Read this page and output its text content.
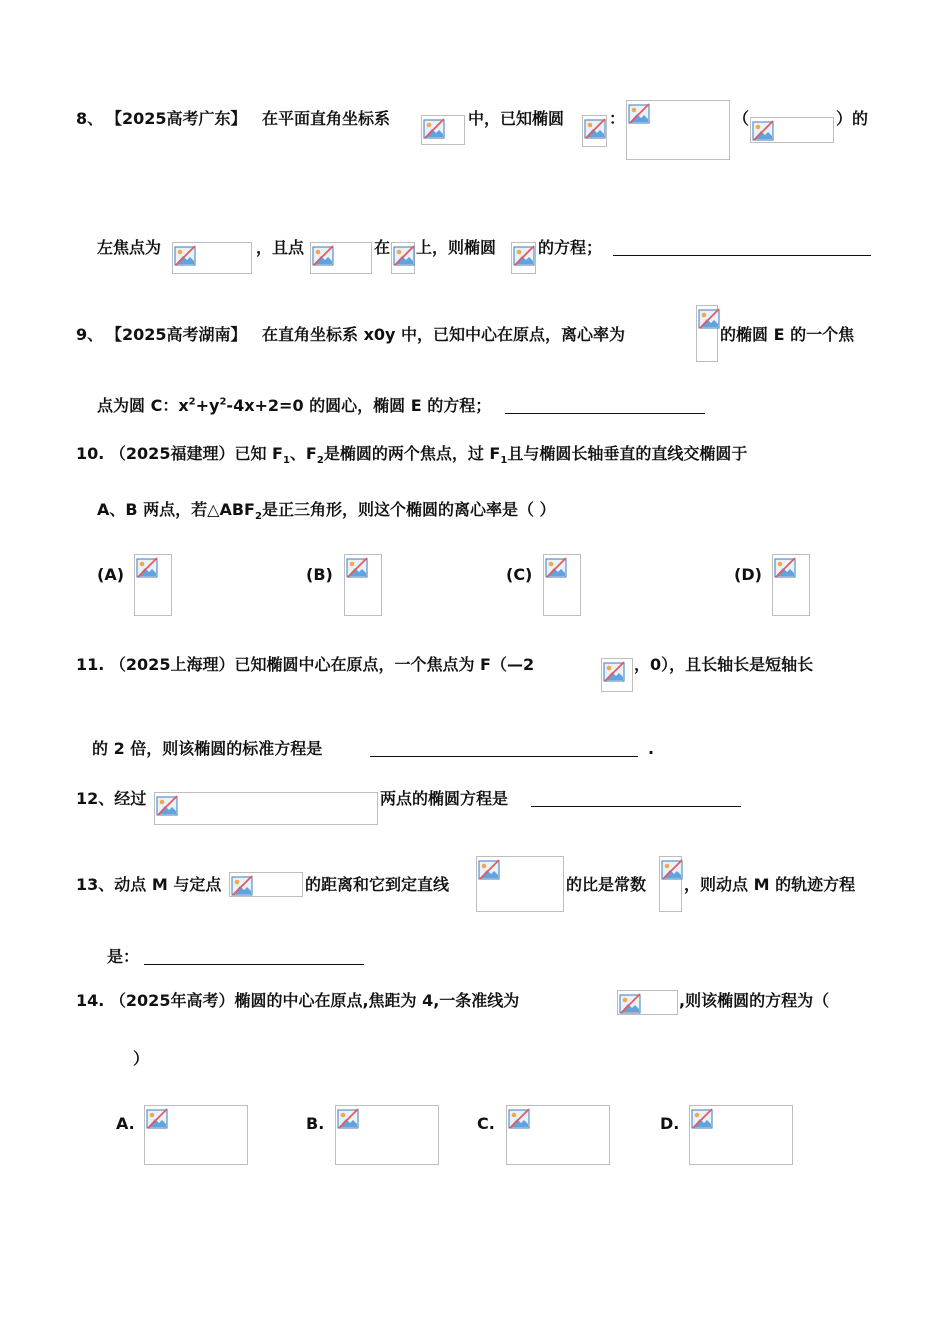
8、 【2025高考广东】 在平面直角坐标系	中，已知椭圆	：	（	）的
左焦点为	，且点	在 上，则椭圆	的方程；
9、 【2025高考湖南】 在直角坐标系 x0y 中，已知中心在原点，离心率为	的椭圆 E 的一个焦
点为圆 C：$x^2+y^2-4x+2=0$ 的圆心，椭圆 E 的方程；
10. （2025福建理）已知 $F_1$、$F_2$是椭圆的两个焦点，过 $F_1$且与椭圆长轴垂直的直线交椭圆于
A、B 两点，若$\triangle ABF_2$是正三角形，则这个椭圆的离心率是（ ）
(A)	(B)	(C)	(D)
11. （2025上海理）已知椭圆中心在原点，一个焦点为 F（—2	，0），且长轴长是短轴长
的 2 倍，则该椭圆的标准方程是	.
12、经过	两点的椭圆方程是
13、动点 M 与定点	的距离和它到定直线	的比是常数 ，则动点 M 的轨迹方程
是：
14. （2025年高考）椭圆的中心在原点,焦距为 4,一条准线为	,则该椭圆的方程为（
）
A.	B.	C.	D.
